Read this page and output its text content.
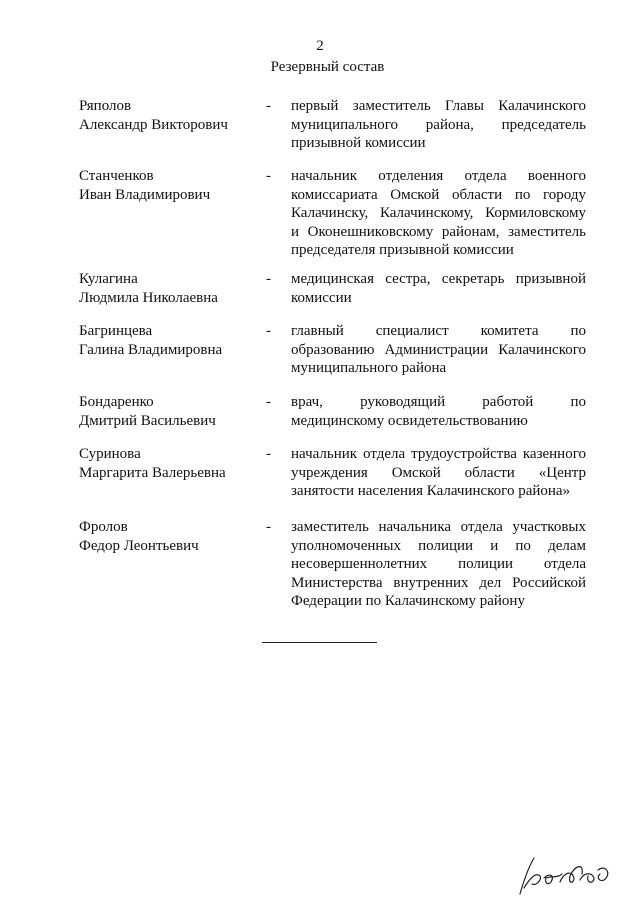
2
Резервный состав
Ряполов
Александр Викторович
- первый заместитель Главы Калачинского
муниципального района, председатель
призывной комиссии
Станченков
Иван Владимирович
- начальник отделения отдела военного
комиссариата Омской области по городу
Калачинску, Калачинскому, Кормиловскому
и Оконешниковскому районам, заместитель
председателя призывной комиссии
Кулагина
Людмила Николаевна
- медицинская сестра, секретарь призывной
комиссии
Багринцева
Галина Владимировна
- главный специалист комитета по
образованию Администрации Калачинского
муниципального района
Бондаренко
Дмитрий Васильевич
- врач, руководящий работой по
медицинскому освидетельствованию
Суринова
Маргарита Валерьевна
- начальник отдела трудоустройства казенного
учреждения Омской области «Центр
занятости населения Калачинского района»
Фролов
Федор Леонтьевич
- заместитель начальника отдела участковых
уполномоченных полиции и по делам
несовершеннолетних полиции отдела
Министерства внутренних дел Российской
Федерации по Калачинскому району
